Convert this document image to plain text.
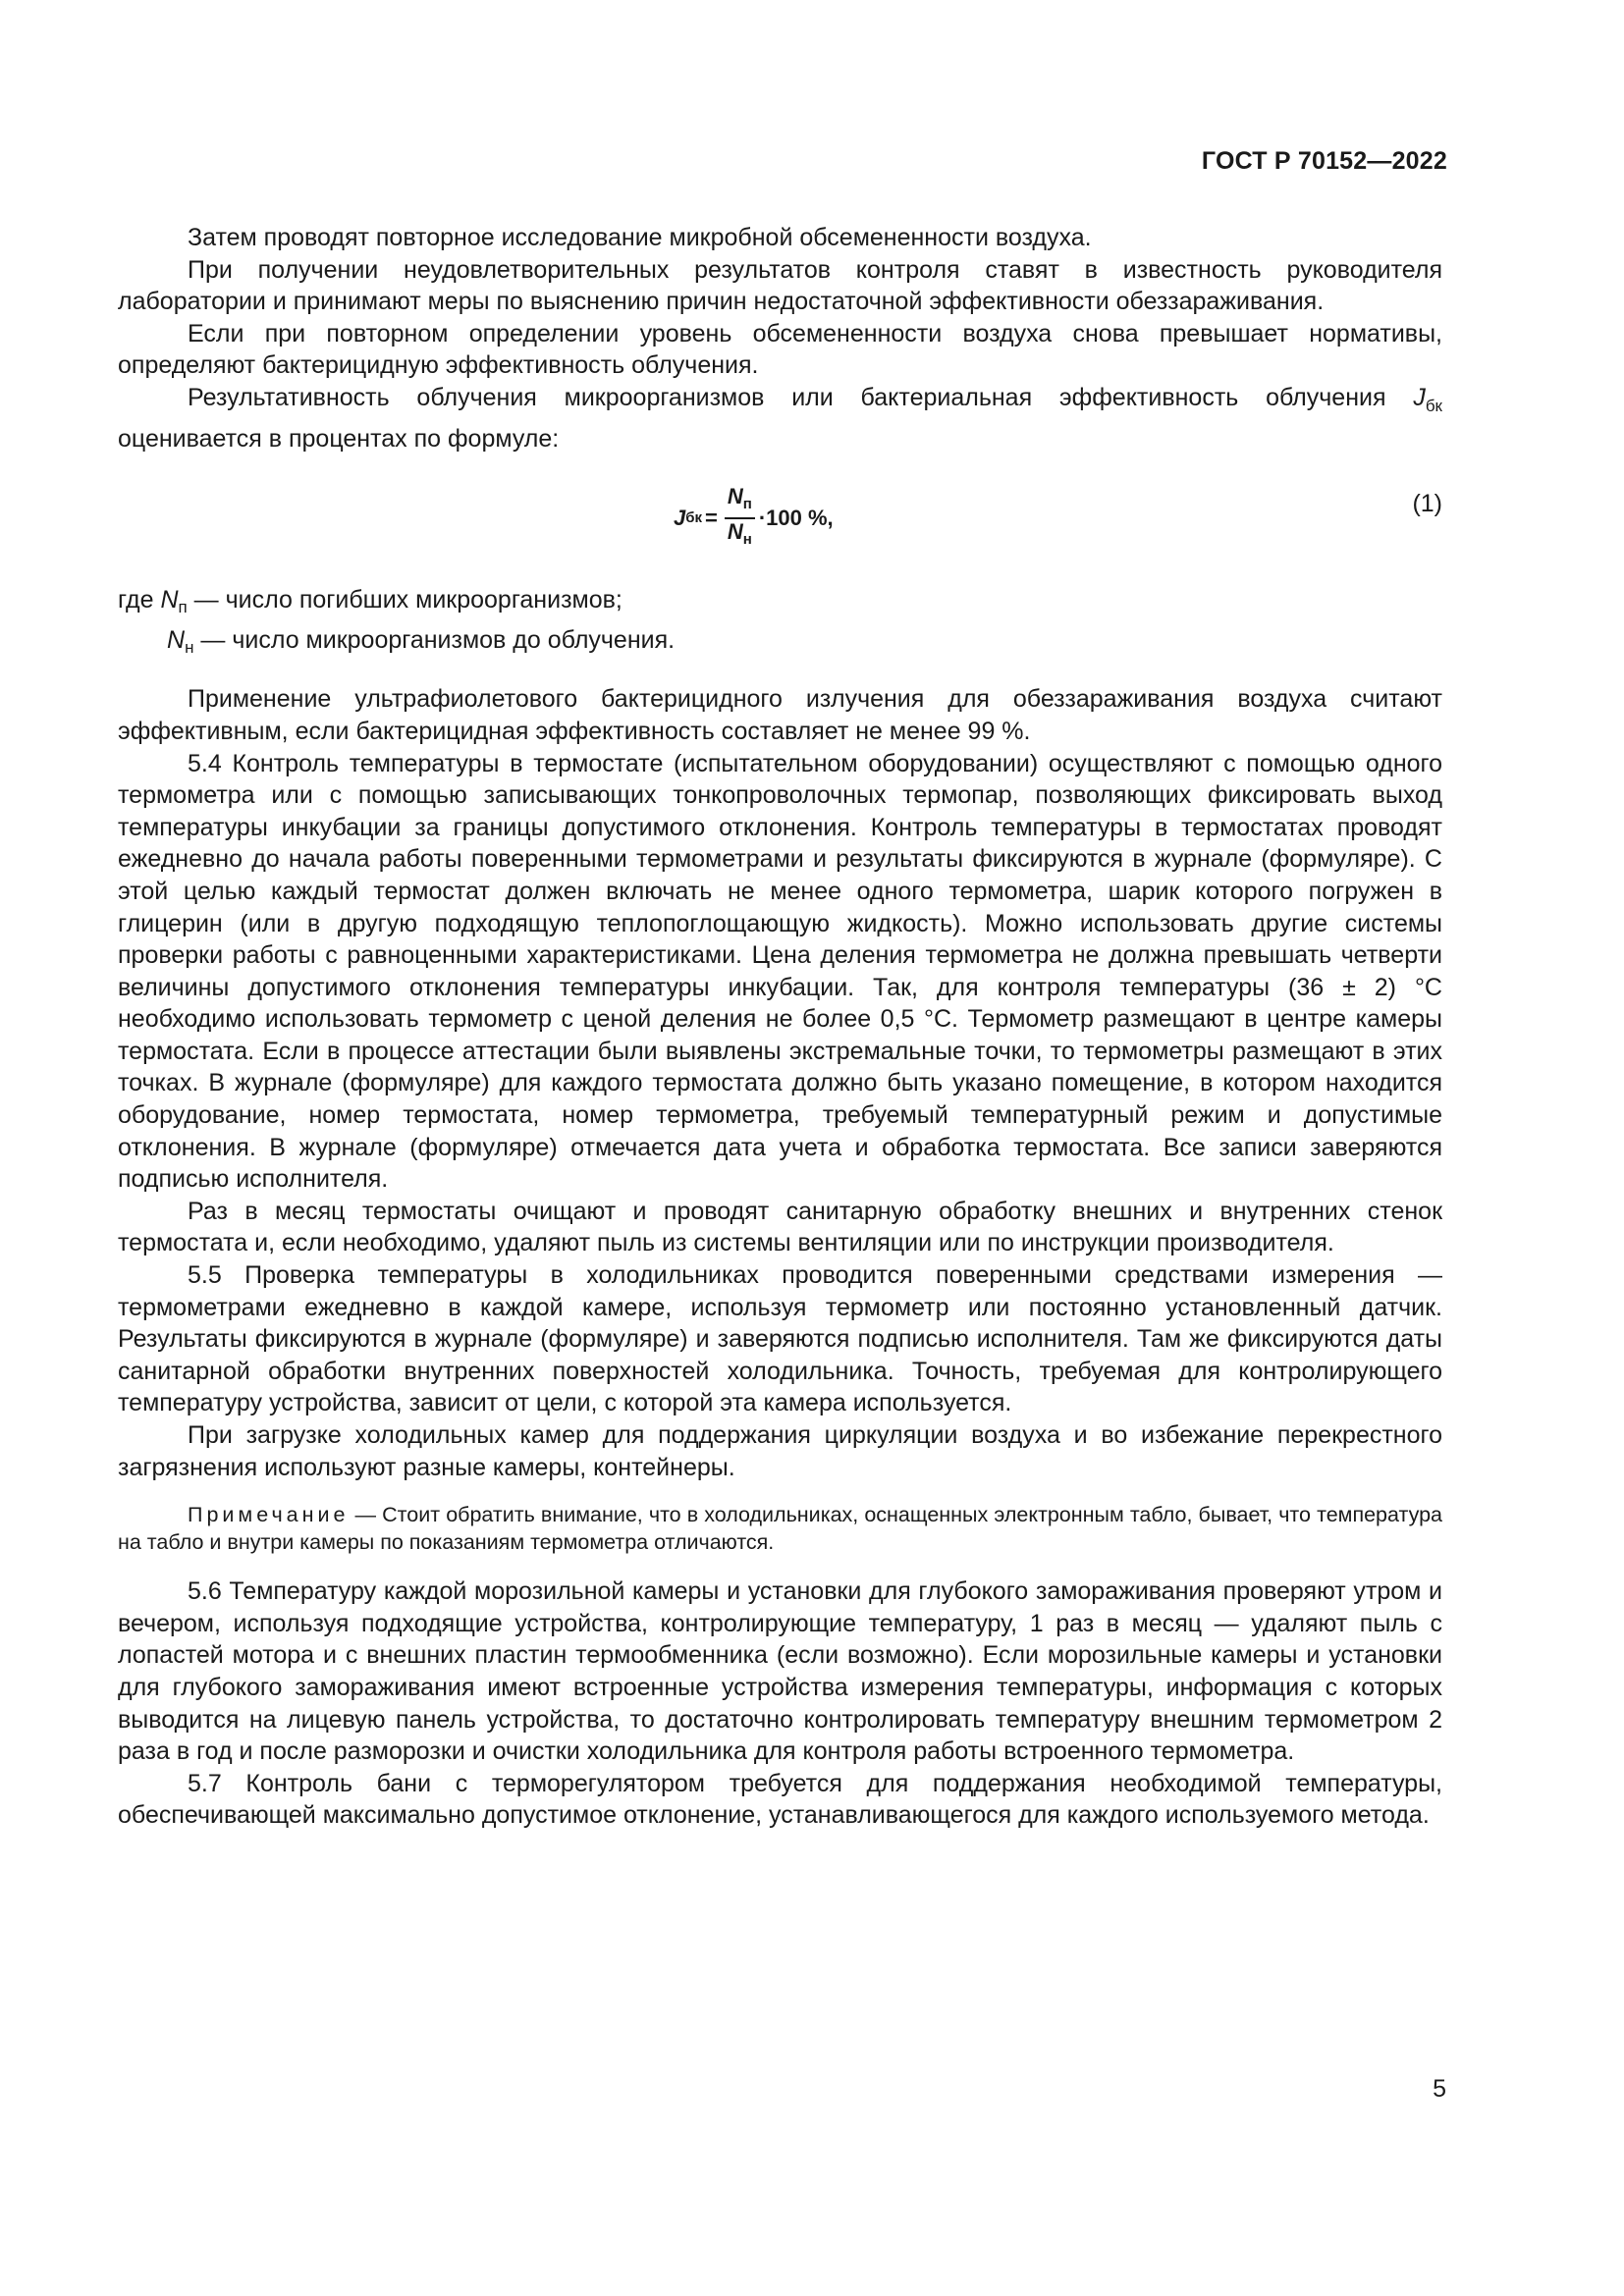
ГОСТ Р 70152—2022

Затем проводят повторное исследование микробной обсемененности воздуха.

При получении неудовлетворительных результатов контроля ставят в известность руководителя лаборатории и принимают меры по выяснению причин недостаточной эффективности обеззараживания.

Если при повторном определении уровень обсемененности воздуха снова превышает нормативы, определяют бактерицидную эффективность облучения.

Результативность облучения микроорганизмов или бактериальная эффективность облучения $J_{бк}$ оценивается в процентах по формуле:

J бк = $\frac{N_п}{N_н} \cdot 100$ %,
(1)
где $N_п$ — число погибших микроорганизмов;
$N_н$ — число микроорганизмов до облучения.

Применение ультрафиолетового бактерицидного излучения для обеззараживания воздуха считают эффективным, если бактерицидная эффективность составляет не менее 99 %.

5.4 Контроль температуры в термостате (испытательном оборудовании) осуществляют с помощью одного термометра или с помощью записывающих тонкопроволочных термопар, позволяющих фиксировать выход температуры инкубации за границы допустимого отклонения. Контроль температуры в термостатах проводят ежедневно до начала работы поверенными термометрами и результаты фиксируются в журнале (формуляре). С этой целью каждый термостат должен включать не менее одного термометра, шарик которого погружен в глицерин (или в другую подходящую теплопоглощающую жидкость). Можно использовать другие системы проверки работы с равноценными характеристиками. Цена деления термометра не должна превышать четверти величины допустимого отклонения температуры инкубации. Так, для контроля температуры (36 ± 2) °С необходимо использовать термометр с ценой деления не более 0,5 °С. Термометр размещают в центре камеры термостата. Если в процессе аттестации были выявлены экстремальные точки, то термометры размещают в этих точках. В журнале (формуляре) для каждого термостата должно быть указано помещение, в котором находится оборудование, номер термостата, номер термометра, требуемый температурный режим и допустимые отклонения. В журнале (формуляре) отмечается дата учета и обработка термостата. Все записи заверяются подписью исполнителя.

Раз в месяц термостаты очищают и проводят санитарную обработку внешних и внутренних стенок термостата и, если необходимо, удаляют пыль из системы вентиляции или по инструкции производителя.

5.5 Проверка температуры в холодильниках проводится поверенными средствами измерения — термометрами ежедневно в каждой камере, используя термометр или постоянно установленный датчик. Результаты фиксируются в журнале (формуляре) и заверяются подписью исполнителя. Там же фиксируются даты санитарной обработки внутренних поверхностей холодильника. Точность, требуемая для контролирующего температуру устройства, зависит от цели, с которой эта камера используется.

При загрузке холодильных камер для поддержания циркуляции воздуха и во избежание перекрестного загрязнения используют разные камеры, контейнеры.

Примечание — Стоит обратить внимание, что в холодильниках, оснащенных электронным табло, бывает, что температура на табло и внутри камеры по показаниям термометра отличаются.

5.6 Температуру каждой морозильной камеры и установки для глубокого замораживания проверяют утром и вечером, используя подходящие устройства, контролирующие температуру, 1 раз в месяц — удаляют пыль с лопастей мотора и с внешних пластин термообменника (если возможно). Если морозильные камеры и установки для глубокого замораживания имеют встроенные устройства измерения температуры, информация с которых выводится на лицевую панель устройства, то достаточно контролировать температуру внешним термометром 2 раза в год и после разморозки и очистки холодильника для контроля работы встроенного термометра.

5.7 Контроль бани с терморегулятором требуется для поддержания необходимой температуры, обеспечивающей максимально допустимое отклонение, устанавливающегося для каждого используемого метода.

5
